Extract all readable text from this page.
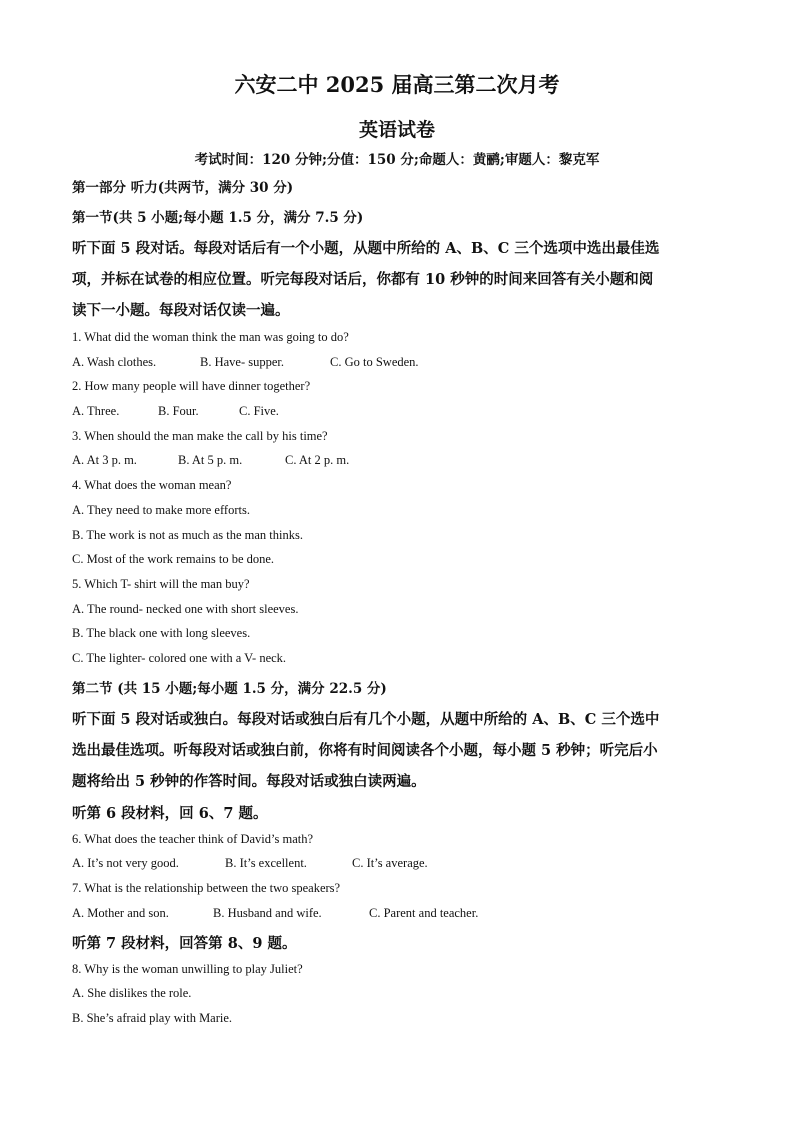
六安二中 2025 届高三第二次月考
英语试卷
考试时间：120 分钟;分值：150 分;命题人：黄鹂;审题人：黎克军
第一部分 听力(共两节，满分 30 分)
第一节(共 5 小题;每小题 1.5 分，满分 7.5 分)
听下面 5 段对话。每段对话后有一个小题，从题中所给的 A、B、C 三个选项中选出最佳选
项，并标在试卷的相应位置。听完每段对话后，你都有 10 秒钟的时间来回答有关小题和阅
读下一小题。每段对话仅读一遍。
1. What did the woman think the man was going to do?
A. Wash clothes.	B. Have- supper.	C. Go to Sweden.
2. How many people will have dinner together?
A. Three.	B. Four.	C. Five.
3. When should the man make the call by his time?
A. At 3 p. m.	B. At 5 p. m.	C. At 2 p. m.
4. What does the woman mean?
A. They need to make more efforts.
B. The work is not as much as the man thinks.
C. Most of the work remains to be done.
5. Which T- shirt will the man buy?
A. The round- necked one with short sleeves.
B. The black one with long sleeves.
C. The lighter- colored one with a V- neck.
第二节 (共 15 小题;每小题 1.5 分，满分 22.5 分)
听下面 5 段对话或独白。每段对话或独白后有几个小题，从题中所给的 A、B、C 三个选中
选出最佳选项。听每段对话或独白前，你将有时间阅读各个小题，每小题 5 秒钟；听完后小
题将给出 5 秒钟的作答时间。每段对话或独白读两遍。
听第 6 段材料，回 6、7 题。
6. What does the teacher think of David’s math?
A. It’s not very good.	B. It’s excellent.	C. It’s average.
7. What is the relationship between the two speakers?
A. Mother and son.	B. Husband and wife.	C. Parent and teacher.
听第 7 段材料，回答第 8、9 题。
8. Why is the woman unwilling to play Juliet?
A. She dislikes the role.
B. She’s afraid play with Marie.
